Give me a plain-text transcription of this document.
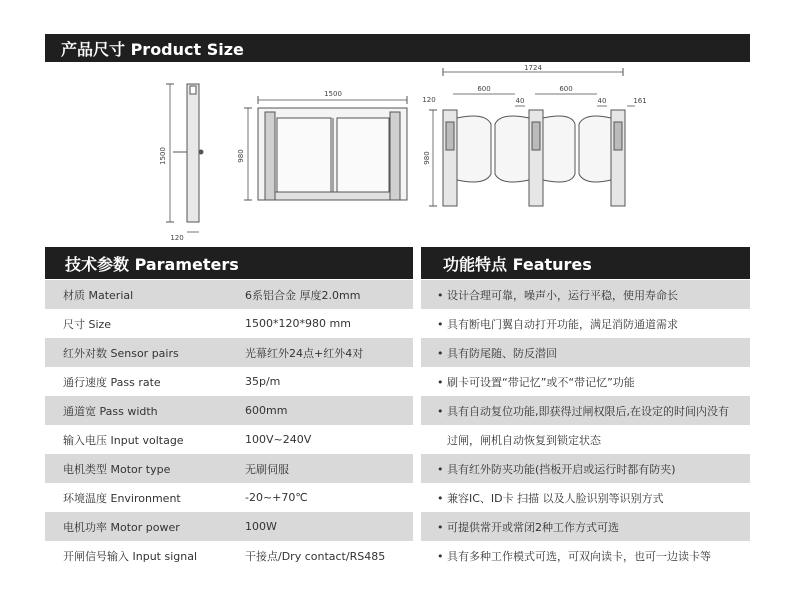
产品尺寸 Product Size
1500
120
1500
980
1724
120
980
600	600
40	40	161
技术参数 Parameters	功能特点 Features
材质 Material	6系铝合金 厚度2.0mm
尺寸 Size	1500*120*980 mm
红外对数 Sensor pairs	光幕红外24点+红外4对
通行速度 Pass rate	35p/m
通道宽 Pass width	600mm
输入电压 Input voltage	100V~240V
电机类型 Motor type	无刷伺服
环境温度 Environment	-20~+70℃
电机功率 Motor power	100W
开闸信号输入 Input signal	干接点/Dry contact/RS485
• 设计合理可靠，噪声小，运行平稳，使用寿命长
• 具有断电门翼自动打开功能，满足消防通道需求
• 具有防尾随、防反潜回
• 刷卡可设置“带记忆”或不“带记忆”功能
• 具有自动复位功能,即获得过闸权限后,在设定的时间内没有
过闸，闸机自动恢复到锁定状态
• 具有红外防夹功能(挡板开启或运行时都有防夹)
• 兼容IC、ID卡 扫描 以及人脸识别等识别方式
• 可提供常开或常闭2种工作方式可选
• 具有多种工作模式可选，可双向读卡，也可一边读卡等
